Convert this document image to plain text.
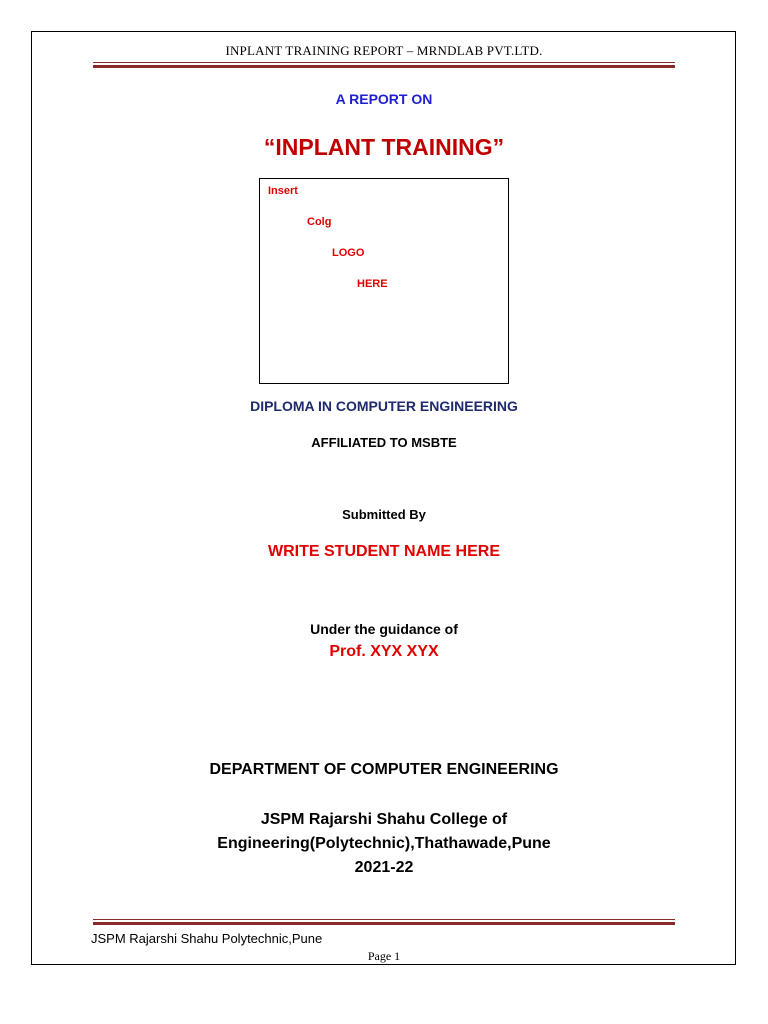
INPLANT TRAINING REPORT – MRNDLAB PVT.LTD.
A REPORT ON
“INPLANT TRAINING”
Insert
Colg
LOGO
HERE
DIPLOMA IN COMPUTER ENGINEERING
AFFILIATED TO MSBTE
Submitted By
WRITE STUDENT NAME HERE
Under the guidance of
Prof. XYX XYX
DEPARTMENT OF COMPUTER ENGINEERING
JSPM Rajarshi Shahu College of
Engineering(Polytechnic),Thathawade,Pune
2021-22
JSPM Rajarshi Shahu Polytechnic,Pune
Page 1
